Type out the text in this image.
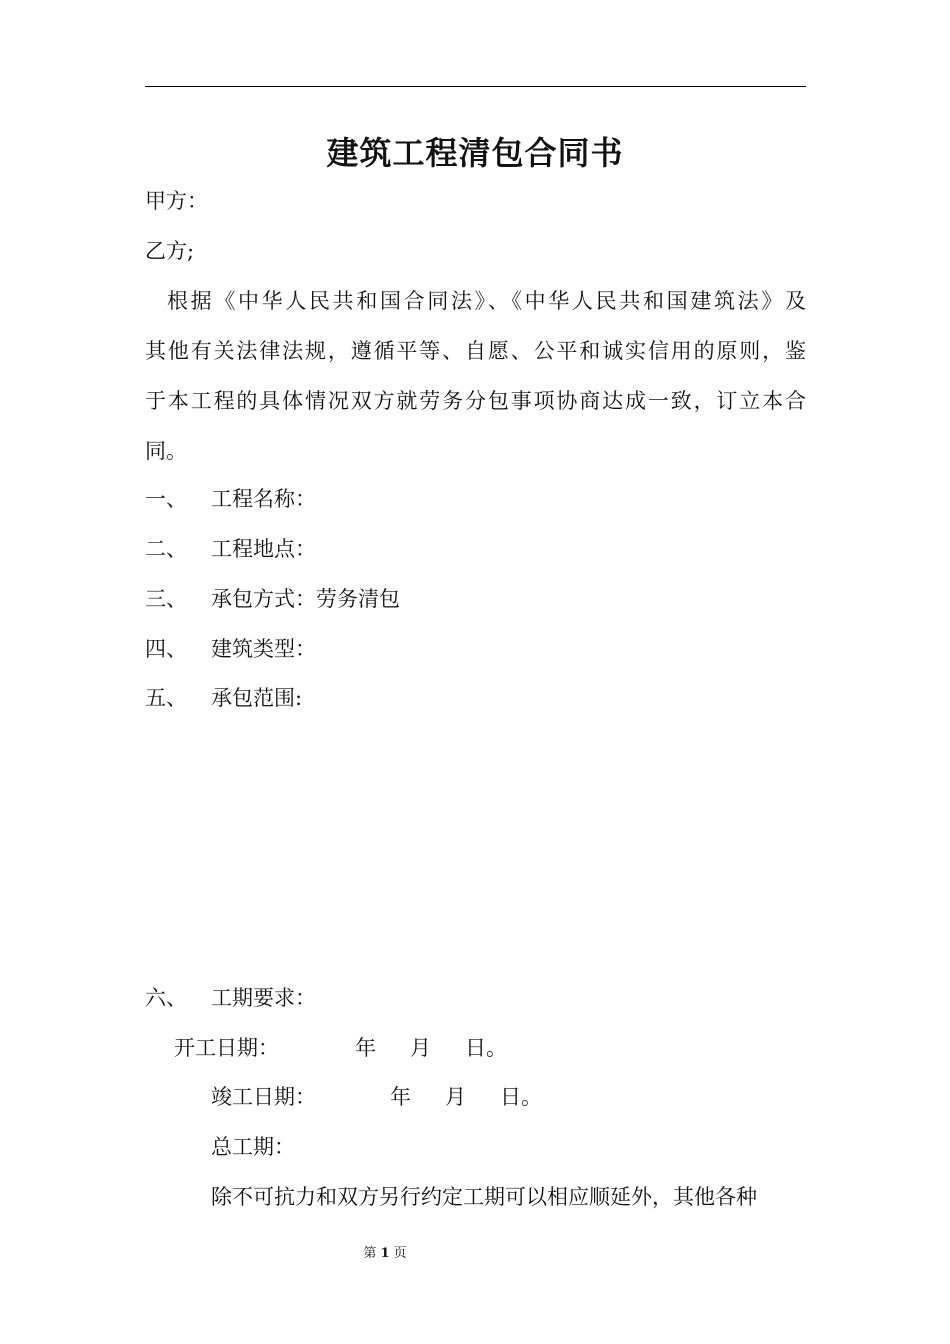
建筑工程清包合同书
甲方：
乙方;
根据《中华人民共和国合同法》、《中华人民共和国建筑法》及
其他有关法律法规，遵循平等、自愿、公平和诚实信用的原则，鉴
于本工程的具体情况双方就劳务分包事项协商达成一致，订立本合
同。
一、 工程名称：
二、 工程地点：
三、 承包方式：劳务清包
四、 建筑类型：
五、 承包范围:
六、 工期要求：
开工日期：	年 月 日。
竣工日期：	年 月 日。
总工期：
除不可抗力和双方另行约定工期可以相应顺延外，其他各种
第 1 页
